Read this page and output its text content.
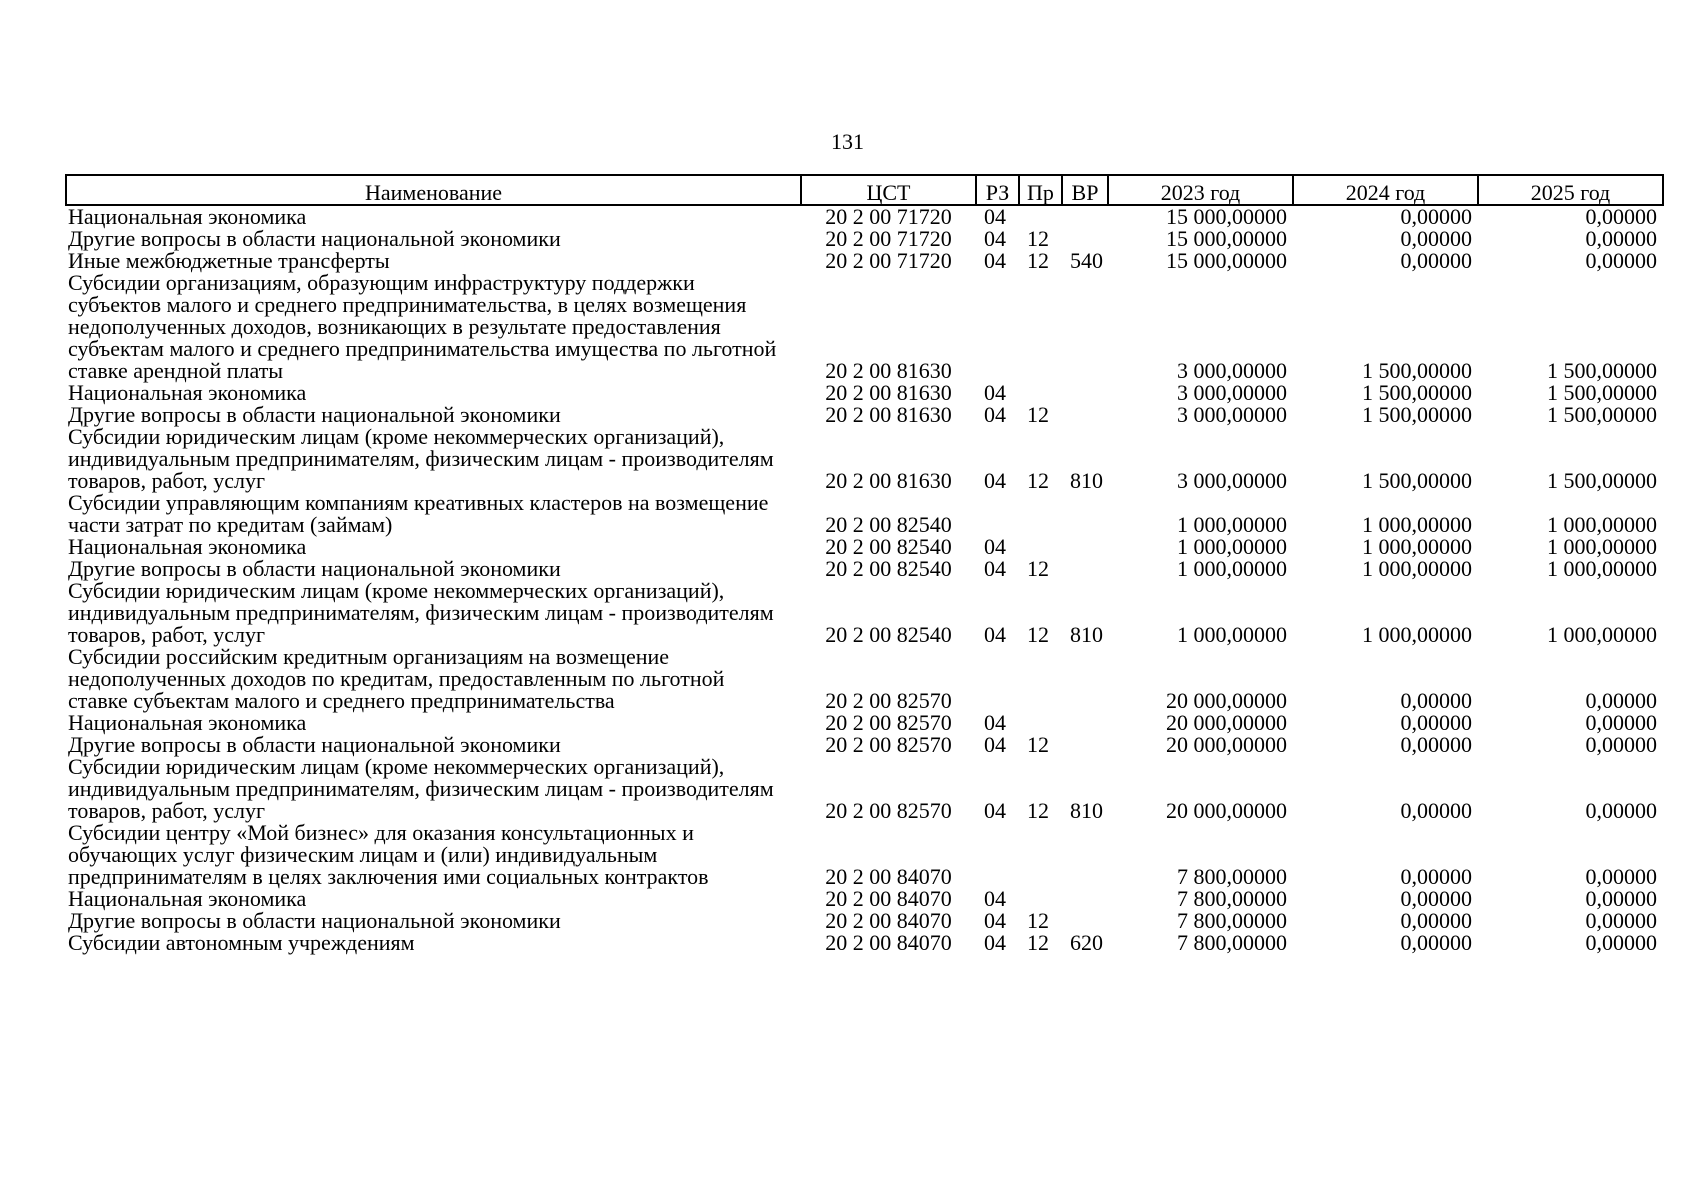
131
Наименование	ЦСТ	РЗ	Пр	ВР	2023 год	2024 год	2025 год
Национальная экономика	20 2 00 71720	04			15 000,00000	0,00000	0,00000
Другие вопросы в области национальной экономики	20 2 00 71720	04	12		15 000,00000	0,00000	0,00000
Иные межбюджетные трансферты	20 2 00 71720	04	12	540	15 000,00000	0,00000	0,00000
Субсидии организациям, образующим инфраструктуру поддержки субъектов малого и среднего предпринимательства, в целях возмещения недополученных доходов, возникающих в результате предоставления субъектам малого и среднего предпринимательства имущества по льготной ставке арендной платы	20 2 00 81630				3 000,00000	1 500,00000	1 500,00000
Национальная экономика	20 2 00 81630	04			3 000,00000	1 500,00000	1 500,00000
Другие вопросы в области национальной экономики	20 2 00 81630	04	12		3 000,00000	1 500,00000	1 500,00000
Субсидии юридическим лицам (кроме некоммерческих организаций), индивидуальным предпринимателям, физическим лицам - производителям товаров, работ, услуг	20 2 00 81630	04	12	810	3 000,00000	1 500,00000	1 500,00000
Субсидии управляющим компаниям креативных кластеров на возмещение части затрат по кредитам (займам)	20 2 00 82540				1 000,00000	1 000,00000	1 000,00000
Национальная экономика	20 2 00 82540	04			1 000,00000	1 000,00000	1 000,00000
Другие вопросы в области национальной экономики	20 2 00 82540	04	12		1 000,00000	1 000,00000	1 000,00000
Субсидии юридическим лицам (кроме некоммерческих организаций), индивидуальным предпринимателям, физическим лицам - производителям товаров, работ, услуг	20 2 00 82540	04	12	810	1 000,00000	1 000,00000	1 000,00000
Субсидии российским кредитным организациям на возмещение недополученных доходов по кредитам, предоставленным по льготной ставке субъектам малого и среднего предпринимательства	20 2 00 82570				20 000,00000	0,00000	0,00000
Национальная экономика	20 2 00 82570	04			20 000,00000	0,00000	0,00000
Другие вопросы в области национальной экономики	20 2 00 82570	04	12		20 000,00000	0,00000	0,00000
Субсидии юридическим лицам (кроме некоммерческих организаций), индивидуальным предпринимателям, физическим лицам - производителям товаров, работ, услуг	20 2 00 82570	04	12	810	20 000,00000	0,00000	0,00000
Субсидии центру «Мой бизнес» для оказания консультационных и обучающих услуг физическим лицам и (или) индивидуальным предпринимателям в целях заключения ими социальных контрактов	20 2 00 84070				7 800,00000	0,00000	0,00000
Национальная экономика	20 2 00 84070	04			7 800,00000	0,00000	0,00000
Другие вопросы в области национальной экономики	20 2 00 84070	04	12		7 800,00000	0,00000	0,00000
Субсидии автономным учреждениям	20 2 00 84070	04	12	620	7 800,00000	0,00000	0,00000
